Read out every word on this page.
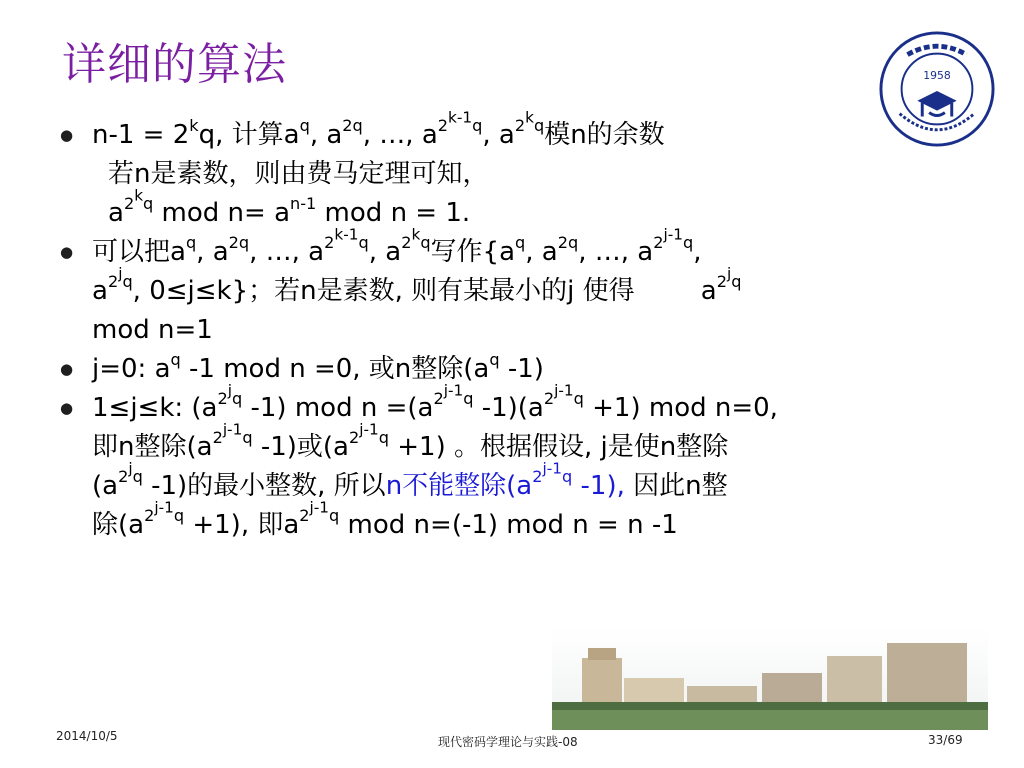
详细的算法	1958
● $n-1 = 2^kq$, 计算$a^q$, $a^{2q}$, …, $a^{2^{k-1}q}$, $a^{2^kq}$模n的余数
若n是素数，则由费马定理可知，
$a^{2^kq}$ mod $n= a^{n-1}$ mod n = 1.
● 可以把$a^q$, $a^{2q}$, …, $a^{2^{k-1}q}$, $a^{2^kq}$写作{$a^q$, $a^{2q}$, …, $a^{2^{j-1}q}$,
$a^{2^jq}$, 0≤j≤k}；若n是素数, 则有某最小的j 使得	$a^{2^jq}$
mod n=1
● j=0: $a^q$ -1 mod n =0, 或n整除($a^q$ -1)
● 1≤j≤k: ($a^{2^jq}$ -1) mod $n =(a^{2^{j-1}q}$ $-1)(a^{2^{j-1}q} +1)$ mod n=0,
即n整除($a^{2^{j-1}q}$ -1)或$(a^{2^{j-1}q} +1)$ 。根据假设, j是使n整除
($a^{2^jq}$ -1)的最小整数, 所以n不能整除($a^{2^{j-1}q}$ -1), 因此n整
除$(a^{2^{j-1}q} +1)$, 即$a^{2^{j-1}q}$ mod n=(-1) mod n = n -1
2014/10/5	现代密码学理论与实践-08	33/69
